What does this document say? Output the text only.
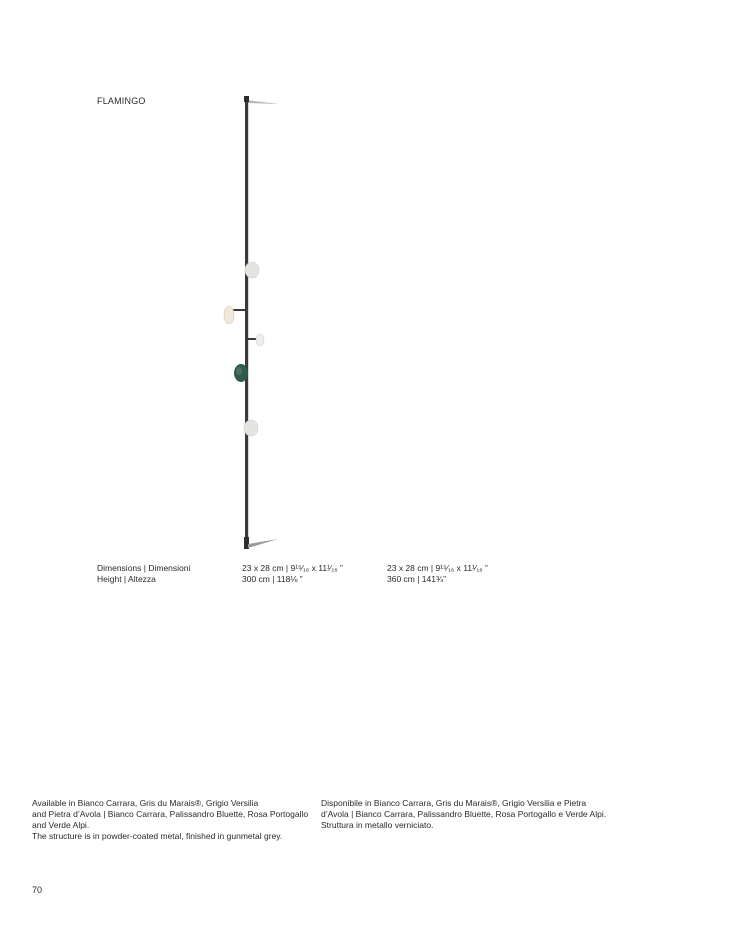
FLAMINGO
Dimensions | Dimensioni
Height | Altezza
23 x 28 cm | 9¹⁵⁄₁₆ x 11¹⁄₁₆ ”
300 cm | 118⅛ ”
23 x 28 cm | 9¹⁵⁄₁₆ x 11¹⁄₁₆ ”
360 cm | 141¾”
Available in Bianco Carrara, Gris du Marais®, Grigio Versilia
and Pietra d’Avola | Bianco Carrara, Palissandro Bluette, Rosa Portogallo
and Verde Alpi.
The structure is in powder-coated metal, finished in gunmetal grey.
Disponibile in Bianco Carrara, Gris du Marais®, Grigio Versilia e Pietra
d’Avola | Bianco Carrara, Palissandro Bluette, Rosa Portogallo e Verde Alpi.
Struttura in metallo verniciato.
70
